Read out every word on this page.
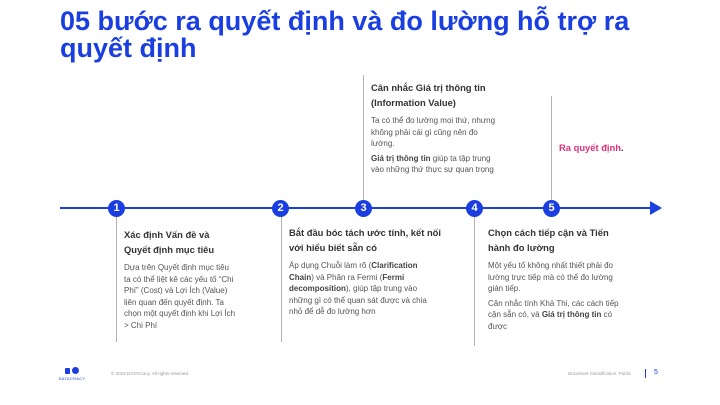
05 bước ra quyết định và đo lường hỗ trợ ra quyết định
1	2	3	4	5
Xác định Vấn đề và Quyết định mục tiêu
Dựa trên Quyết định mục tiêu ta có thể liệt kê các yếu tố “Chi Phí” (Cost) và Lợi Ích (Value) liên quan đến quyết định. Ta chọn một quyết định khi Lợi Ích > Chi Phí
Bắt đầu bóc tách ước tính, kết nối với hiểu biết sẵn có
Áp dụng Chuỗi làm rõ (Clarification Chain) và Phân ra Fermi (Fermi decomposition), giúp tập trung vào những gì có thể quan sát được và chia nhỏ để dễ đo lường hơn
Cân nhắc Giá trị thông tin (Information Value)
Ta có thể đo lường mọi thứ, nhưng không phải cái gì cũng nên đo lường.
Giá trị thông tin giúp ta tập trung vào những thứ thực sự quan trọng
Chọn cách tiếp cận và Tiến hành đo lường
Một yếu tố không nhất thiết phải đo lường trực tiếp mà có thể đo lường gián tiếp.
Cân nhắc tính Khả Thi, các cách tiếp cận sẵn có, và Giá trị thông tin có được
Ra quyết định.
DATACRACY
© 2023 DATACracy. All rights reserved.	Document Classification: Public	5
